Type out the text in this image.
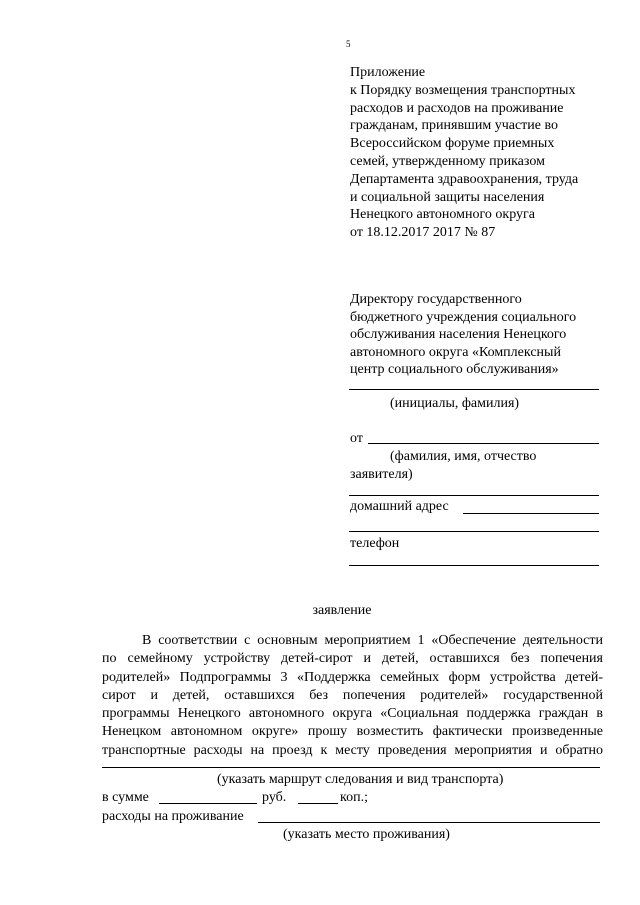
5
Приложение
к Порядку возмещения транспортных
расходов и расходов на проживание
гражданам, принявшим участие во
Всероссийском форуме приемных
семей, утвержденному приказом
Департамента здравоохранения, труда
и социальной защиты населения
Ненецкого автономного округа
от 18.12.2017 2017 № 87
Директору государственного
бюджетного учреждения социального
обслуживания населения Ненецкого
автономного округа «Комплексный
центр социального обслуживания»
(инициалы, фамилия)
от
(фамилия, имя, отчество
заявителя)
домашний адрес
телефон
заявление
В соответствии с основным мероприятием 1 «Обеспечение деятельности
по семейному устройству детей-сирот и детей, оставшихся без попечения
родителей» Подпрограммы 3 «Поддержка семейных форм устройства детей-
сирот и детей, оставшихся без попечения родителей» государственной
программы Ненецкого автономного округа «Социальная поддержка граждан в
Ненецком автономном округе» прошу возместить фактически произведенные
транспортные расходы на проезд к месту проведения мероприятия и обратно
(указать маршрут следования и вид транспорта)
в сумме	руб.	коп.;
расходы на проживание
(указать место проживания)
